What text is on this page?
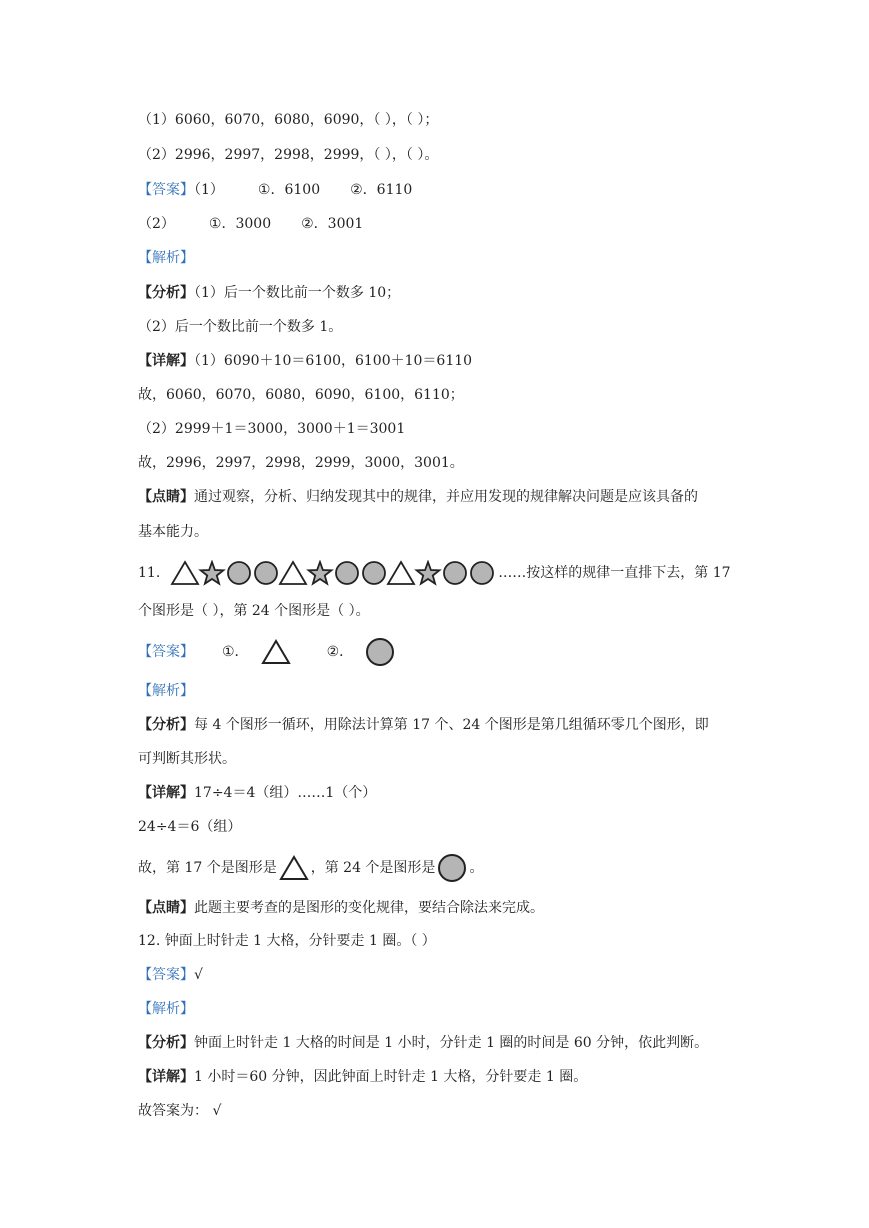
（1）6060，6070，6080，6090，（ ），（ ）；
（2）2996，2997，2998，2999，（ ），（ ）。
【答案】（1） ①．6100 ②．6110
（2） ①．3000 ②．3001
【解析】
【分析】（1）后一个数比前一个数多 10；
（2）后一个数比前一个数多 1。
【详解】（1）6090＋10＝6100，6100＋10＝6110
故，6060，6070，6080，6090，6100，6110；
（2）2999＋1＝3000，3000＋1＝3001
故，2996，2997，2998，2999，3000，3001。
【点睛】通过观察，分析、归纳发现其中的规律，并应用发现的规律解决问题是应该具备的
基本能力。
11.	……按这样的规律一直排下去，第 17
个图形是（ ），第 24 个图形是（ ）。
【答案】 ①．	②．
【解析】
【分析】每 4 个图形一循环，用除法计算第 17 个、24 个图形是第几组循环零几个图形，即
可判断其形状。
【详解】17÷4＝4（组）……1（个）
24÷4＝6（组）
故，第 17 个是图形是 ，第 24 个是图形是 。
【点睛】此题主要考查的是图形的变化规律，要结合除法来完成。
12. 钟面上时针走 1 大格，分针要走 1 圈。（ ）
【答案】√
【解析】
【分析】钟面上时针走 1 大格的时间是 1 小时，分针走 1 圈的时间是 60 分钟，依此判断。
【详解】1 小时＝60 分钟，因此钟面上时针走 1 大格，分针要走 1 圈。
故答案为： √
